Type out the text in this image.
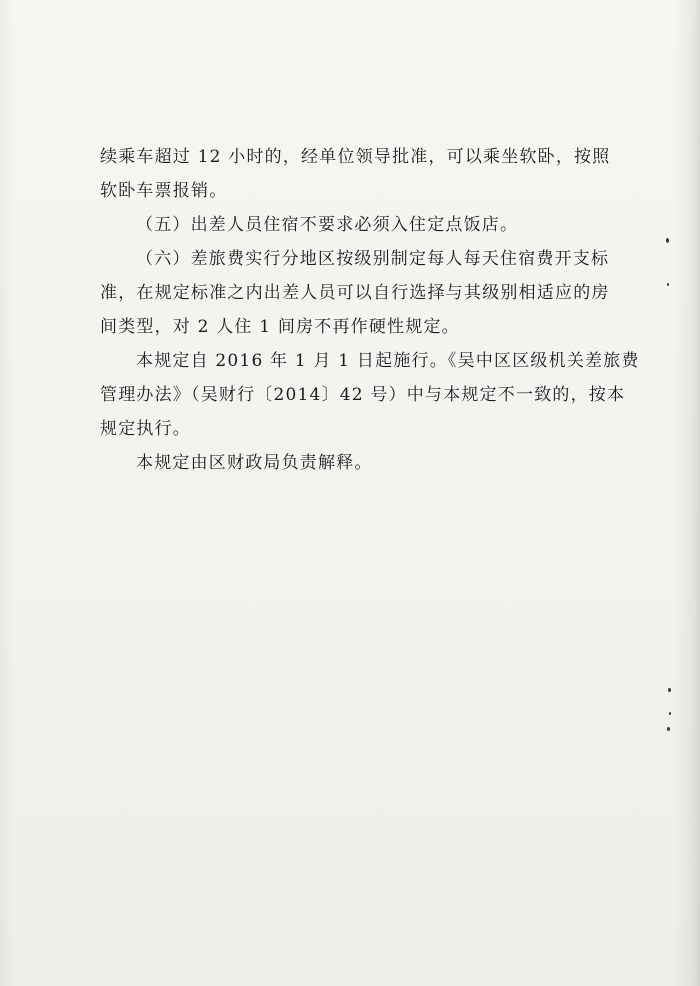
续乘车超过 12 小时的，经单位领导批准，可以乘坐软卧，按照
软卧车票报销。
（五）出差人员住宿不要求必须入住定点饭店。
（六）差旅费实行分地区按级别制定每人每天住宿费开支标
准，在规定标准之内出差人员可以自行选择与其级别相适应的房
间类型，对 2 人住 1 间房不再作硬性规定。
本规定自 2016 年 1 月 1 日起施行。《吴中区区级机关差旅费
管理办法》（吴财行〔2014〕42 号）中与本规定不一致的，按本
规定执行。
本规定由区财政局负责解释。
